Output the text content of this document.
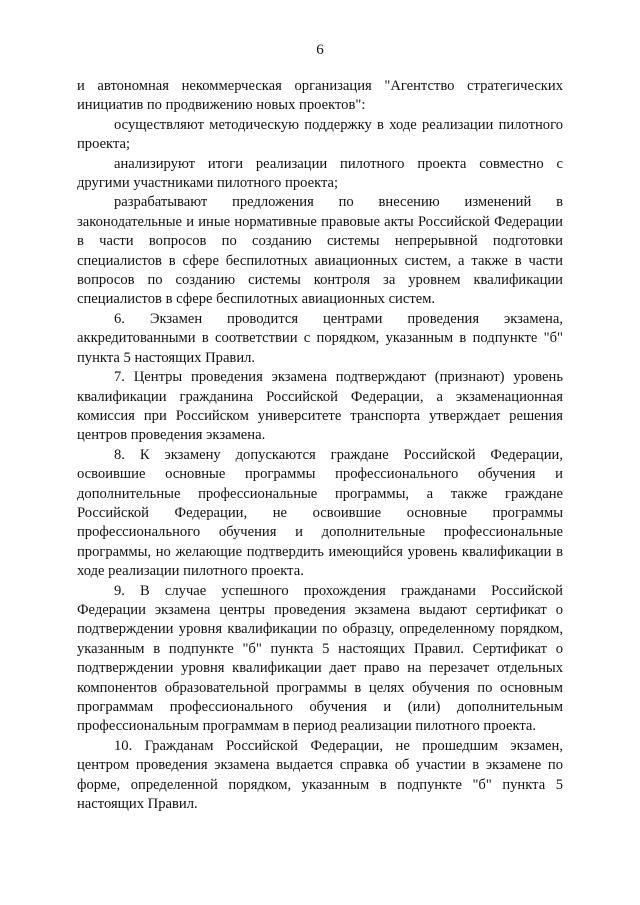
6

и автономная некоммерческая организация "Агентство стратегических инициатив по продвижению новых проектов":

осуществляют методическую поддержку в ходе реализации пилотного проекта;

анализируют итоги реализации пилотного проекта совместно с другими участниками пилотного проекта;

разрабатывают предложения по внесению изменений в законодательные и иные нормативные правовые акты Российской Федерации в части вопросов по созданию системы непрерывной подготовки специалистов в сфере беспилотных авиационных систем, а также в части вопросов по созданию системы контроля за уровнем квалификации специалистов в сфере беспилотных авиационных систем.

6. Экзамен проводится центрами проведения экзамена, аккредитованными в соответствии с порядком, указанным в подпункте "б" пункта 5 настоящих Правил.

7. Центры проведения экзамена подтверждают (признают) уровень квалификации гражданина Российской Федерации, а экзаменационная комиссия при Российском университете транспорта утверждает решения центров проведения экзамена.

8. К экзамену допускаются граждане Российской Федерации, освоившие основные программы профессионального обучения и дополнительные профессиональные программы, а также граждане Российской Федерации, не освоившие основные программы профессионального обучения и дополнительные профессиональные программы, но желающие подтвердить имеющийся уровень квалификации в ходе реализации пилотного проекта.

9. В случае успешного прохождения гражданами Российской Федерации экзамена центры проведения экзамена выдают сертификат о подтверждении уровня квалификации по образцу, определенному порядком, указанным в подпункте "б" пункта 5 настоящих Правил. Сертификат о подтверждении уровня квалификации дает право на перезачет отдельных компонентов образовательной программы в целях обучения по основным программам профессионального обучения и (или) дополнительным профессиональным программам в период реализации пилотного проекта.

10. Гражданам Российской Федерации, не прошедшим экзамен, центром проведения экзамена выдается справка об участии в экзамене по форме, определенной порядком, указанным в подпункте "б" пункта 5 настоящих Правил.
